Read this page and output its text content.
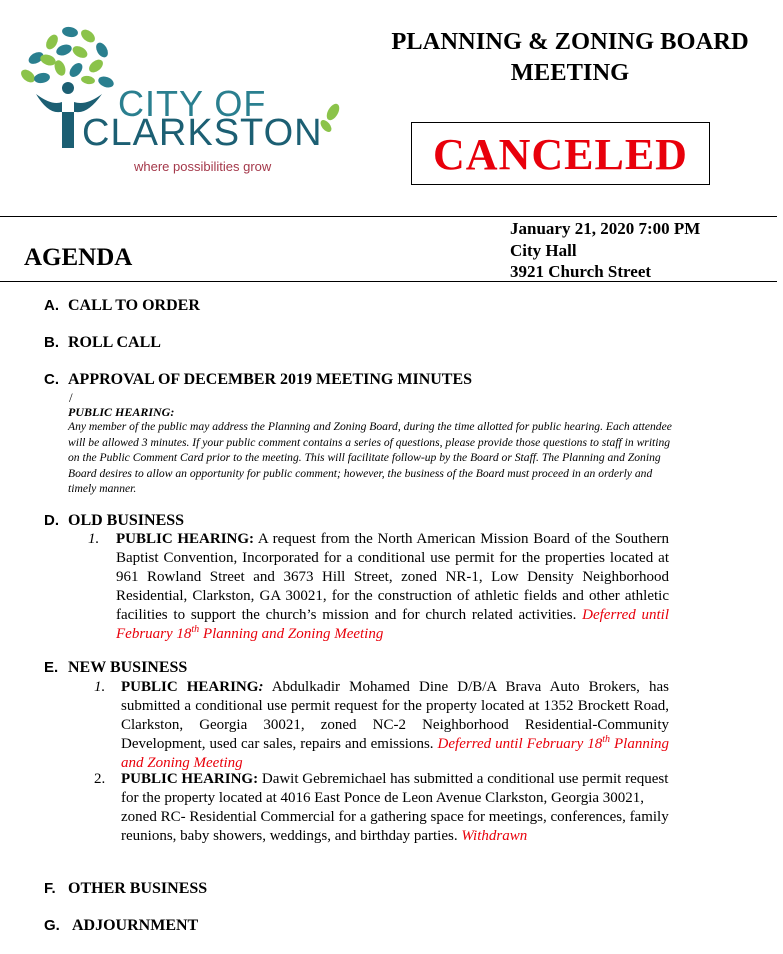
CITY OF
CLARKSTON
where possibilities grow
PLANNING & ZONING BOARD
MEETING
CANCELED
AGENDA
January 21, 2020 7:00 PM
City Hall
3921 Church Street
A. CALL TO ORDER
B. ROLL CALL
C. APPROVAL OF DECEMBER 2019 MEETING MINUTES
/
PUBLIC HEARING:
Any member of the public may address the Planning and Zoning Board, during the time allotted for public hearing. Each attendee will be allowed 3 minutes. If your public comment contains a series of questions, please provide those questions to staff in writing on the Public Comment Card prior to the meeting. This will facilitate follow-up by the Board or Staff. The Planning and Zoning Board desires to allow an opportunity for public comment; however, the business of the Board must proceed in an orderly and timely manner.
D. OLD BUSINESS
1. PUBLIC HEARING: A request from the North American Mission Board of the Southern Baptist Convention, Incorporated for a conditional use permit for the properties located at 961 Rowland Street and 3673 Hill Street, zoned NR-1, Low Density Neighborhood Residential, Clarkston, GA 30021, for the construction of athletic fields and other athletic facilities to support the church’s mission and for church related activities. Deferred until February 18th Planning and Zoning Meeting
E. NEW BUSINESS
1. PUBLIC HEARING: Abdulkadir Mohamed Dine D/B/A Brava Auto Brokers, has submitted a conditional use permit request for the property located at 1352 Brockett Road, Clarkston, Georgia 30021, zoned NC-2 Neighborhood Residential-Community Development, used car sales, repairs and emissions. Deferred until February 18th Planning and Zoning Meeting
2. PUBLIC HEARING: Dawit Gebremichael has submitted a conditional use permit request for the property located at 4016 East Ponce de Leon Avenue Clarkston, Georgia 30021, zoned RC- Residential Commercial for a gathering space for meetings, conferences, family reunions, baby showers, weddings, and birthday parties. Withdrawn
F. OTHER BUSINESS
G. ADJOURNMENT
